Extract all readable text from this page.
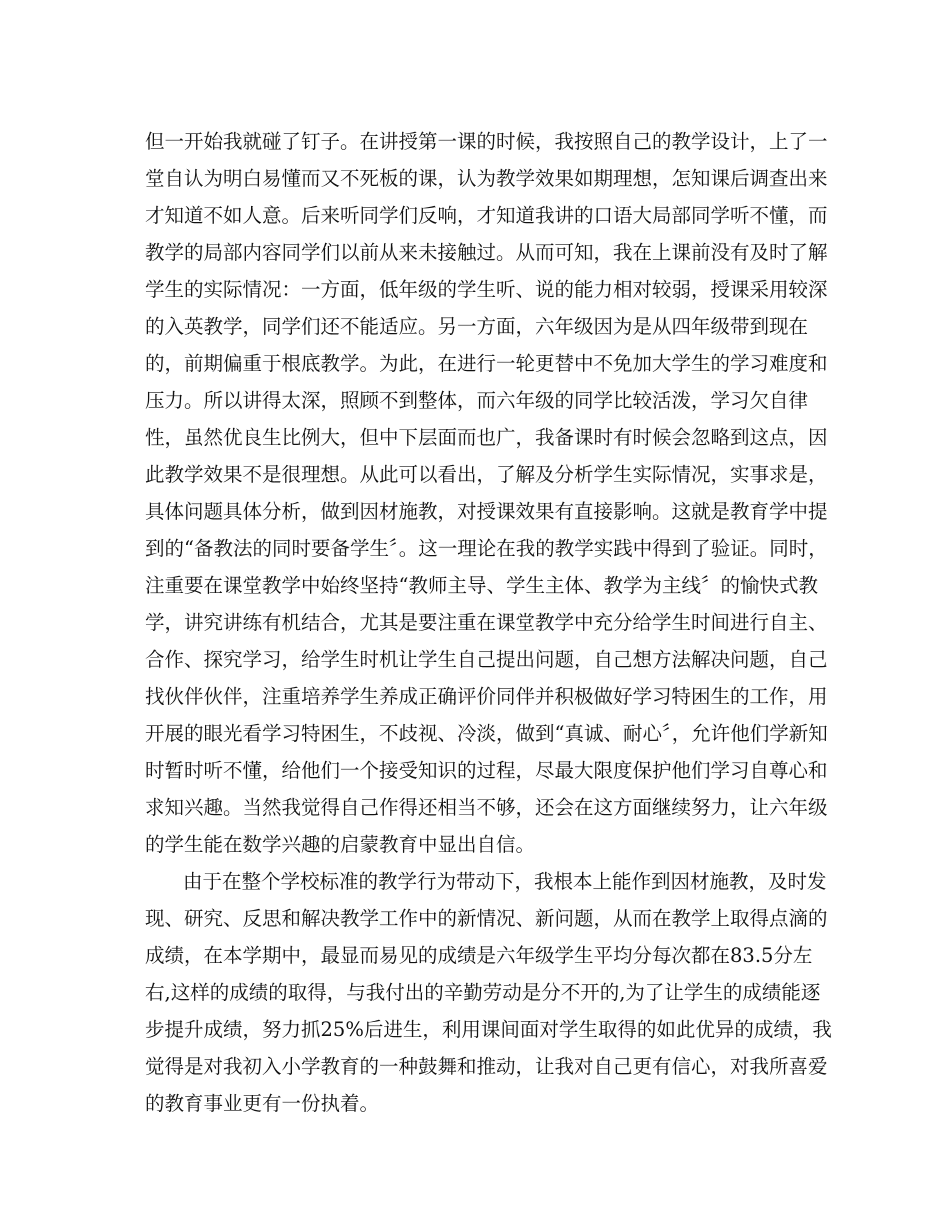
但一开始我就碰了钉子。在讲授第一课的时候，我按照自己的教学设计，上了一
堂自认为明白易懂而又不死板的课，认为教学效果如期理想，怎知课后调查出来
才知道不如人意。后来听同学们反响，才知道我讲的口语大局部同学听不懂，而
教学的局部内容同学们以前从来未接触过。从而可知，我在上课前没有及时了解
学生的实际情况：一方面，低年级的学生听、说的能力相对较弱，授课采用较深
的入英教学，同学们还不能适应。另一方面，六年级因为是从四年级带到现在
的，前期偏重于根底教学。为此，在进行一轮更替中不免加大学生的学习难度和
压力。所以讲得太深，照顾不到整体，而六年级的同学比较活泼，学习欠自律
性，虽然优良生比例大，但中下层面而也广，我备课时有时候会忽略到这点，因
此教学效果不是很理想。从此可以看出，了解及分析学生实际情况，实事求是，
具体问题具体分析，做到因材施教，对授课效果有直接影响。这就是教育学中提
到的“备教法的同时要备学生〞。这一理论在我的教学实践中得到了验证。同时，
注重要在课堂教学中始终坚持“教师主导、学生主体、教学为主线〞的愉快式教
学，讲究讲练有机结合，尤其是要注重在课堂教学中充分给学生时间进行自主、
合作、探究学习，给学生时机让学生自己提出问题，自己想方法解决问题，自己
找伙伴伙伴，注重培养学生养成正确评价同伴并积极做好学习特困生的工作，用
开展的眼光看学习特困生，不歧视、冷淡，做到“真诚、耐心〞，允许他们学新知
时暂时听不懂，给他们一个接受知识的过程，尽最大限度保护他们学习自尊心和
求知兴趣。当然我觉得自己作得还相当不够，还会在这方面继续努力，让六年级
的学生能在数学兴趣的启蒙教育中显出自信。
由于在整个学校标准的教学行为带动下，我根本上能作到因材施教，及时发
现、研究、反思和解决教学工作中的新情况、新问题，从而在教学上取得点滴的
成绩，在本学期中，最显而易见的成绩是六年级学生平均分每次都在83.5分左
右,这样的成绩的取得，与我付出的辛勤劳动是分不开的,为了让学生的成绩能逐
步提升成绩，努力抓25%后进生，利用课间面对学生取得的如此优异的成绩，我
觉得是对我初入小学教育的一种鼓舞和推动，让我对自己更有信心，对我所喜爱
的教育事业更有一份执着。
